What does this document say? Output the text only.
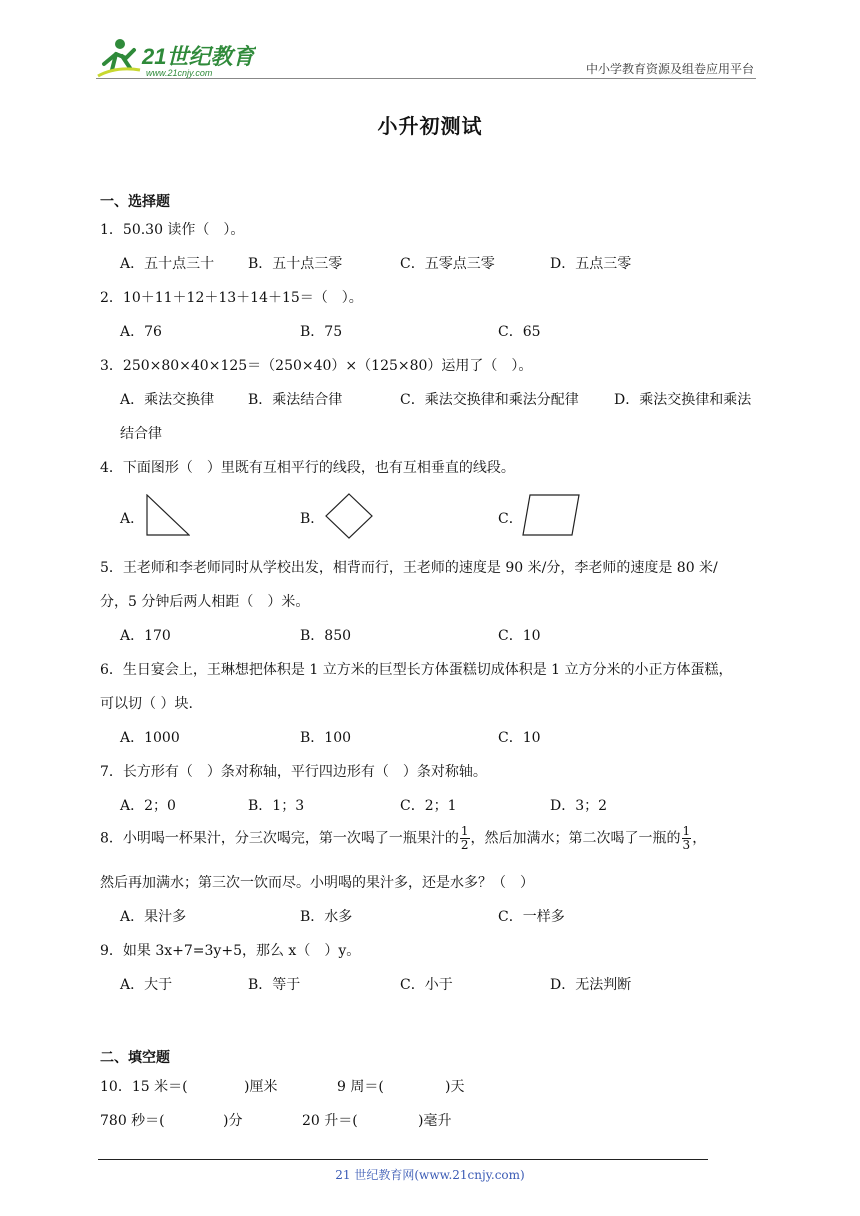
21世纪教育
www.21cnjy.com	中小学教育资源及组卷应用平台
小升初测试
一、选择题
1．50.30 读作（　）。
A．五十点三十 B．五十点三零	C．五零点三零	D．五点三零
2．10＋11＋12＋13＋14＋15＝（　）。
A．76	B．75	C．65
3．250×80×40×125＝（250×40）×（125×80）运用了（　）。
A．乘法交换律 B．乘法结合律	C．乘法交换律和乘法分配律	D．乘法交换律和乘法
结合律
4．下面图形（　）里既有互相平行的线段，也有互相垂直的线段。
A．	B．	C．
5．王老师和李老师同时从学校出发，相背而行，王老师的速度是 90 米/分，李老师的速度是 80 米/
分，5 分钟后两人相距（　）米。
A．170	B．850	C．10
6．生日宴会上，王琳想把体积是 1 立方米的巨型长方体蛋糕切成体积是 1 立方分米的小正方体蛋糕，
可以切（ ）块.
A．1000	B．100	C．10
7．长方形有（　）条对称轴，平行四边形有（　）条对称轴。
A．2；0	B．1；3	C．2；1	D．3；2
8．小明喝一杯果汁，分三次喝完，第一次喝了一瓶果汁的 $\frac{1}{2}$ ，然后加满水；第二次喝了一瓶的 $\frac{1}{3}$ ，
然后再加满水；第三次一饮而尽。小明喝的果汁多，还是水多？（　）
A．果汁多	B．水多	C．一样多
9．如果 3x+7=3y+5，那么 x（　）y。
A．大于	B．等于	C．小于	D．无法判断
二、填空题
10．15 米＝(	)厘米	9 周＝(	)天
780 秒＝(	)分	20 升＝(	)毫升
21 世纪教育网(www.21cnjy.com)
